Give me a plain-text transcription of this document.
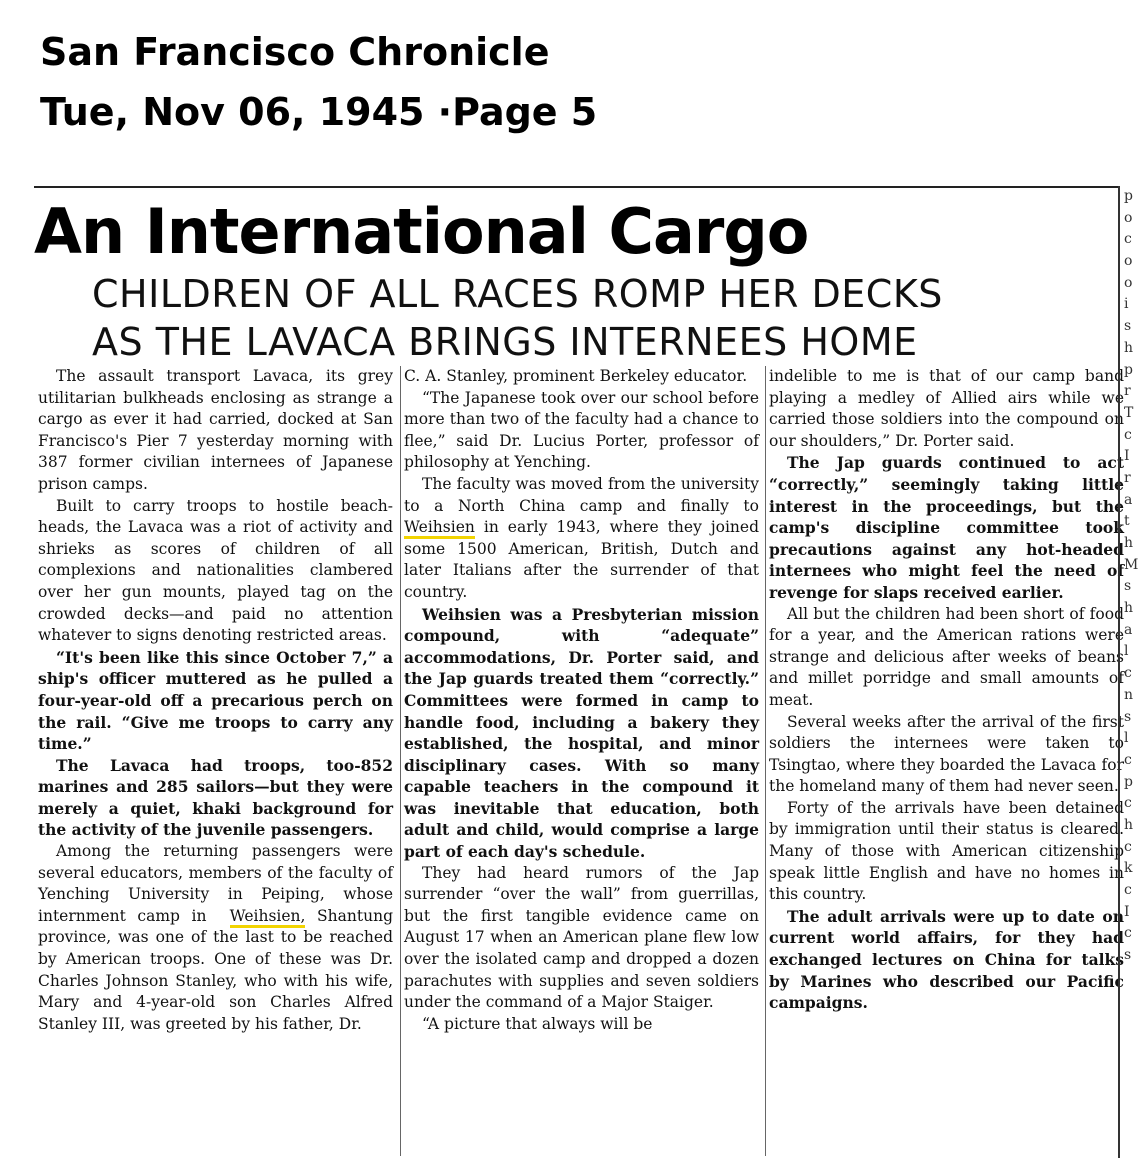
San Francisco Chronicle
Tue, Nov 06, 1945 ·Page 5
An International Cargo
CHILDREN OF ALL RACES ROMP HER DECKS
AS THE LAVACA BRINGS INTERNEES HOME

The assault transport Lavaca, its grey utilitarian bulkheads enclosing as strange a cargo as ever it had carried, docked at San Francisco's Pier 7 yesterday morning with 387 former civilian internees of Japanese prison camps.

Built to carry troops to hostile beach-heads, the Lavaca was a riot of activity and shrieks as scores of children of all complexions and nationalities clambered over her gun mounts, played tag on the crowded decks—and paid no attention whatever to signs denoting restricted areas.

“It's been like this since October 7,” a ship's officer muttered as he pulled a four-year-old off a precarious perch on the rail. “Give me troops to carry any time.”

The Lavaca had troops, too-852 marines and 285 sailors—but they were merely a quiet, khaki background for the activity of the juvenile passengers.

Among the returning passengers were several educators, members of the faculty of Yenching University in Peiping, whose internment camp in Weihsien, Shantung province, was one of the last to be reached by American troops. One of these was Dr. Charles Johnson Stanley, who with his wife, Mary and 4-year-old son Charles Alfred Stanley III, was greeted by his father, Dr.

C. A. Stanley, prominent Berkeley educator.

“The Japanese took over our school before more than two of the faculty had a chance to flee,” said Dr. Lucius Porter, professor of philosophy at Yenching.

The faculty was moved from the university to a North China camp and finally to Weihsien in early 1943, where they joined some 1500 American, British, Dutch and later Italians after the surrender of that country.

Weihsien was a Presbyterian mission compound, with “adequate” accommodations, Dr. Porter said, and the Jap guards treated them “correctly.” Committees were formed in camp to handle food, including a bakery they established, the hospital, and minor disciplinary cases. With so many capable teachers in the compound it was inevitable that education, both adult and child, would comprise a large part of each day's schedule.

They had heard rumors of the Jap surrender “over the wall” from guerrillas, but the first tangible evidence came on August 17 when an American plane flew low over the isolated camp and dropped a dozen parachutes with supplies and seven soldiers under the command of a Major Staiger.

“A picture that always will be

indelible to me is that of our camp band playing a medley of Allied airs while we carried those soldiers into the compound on our shoulders,” Dr. Porter said.

The Jap guards continued to act “correctly,” seemingly taking little interest in the proceedings, but the camp's discipline committee took precautions against any hot-headed internees who might feel the need of revenge for slaps received earlier.

All but the children had been short of food for a year, and the American rations were strange and delicious after weeks of beans and millet porridge and small amounts of meat.

Several weeks after the arrival of the first soldiers the internees were taken to Tsingtao, where they boarded the Lavaca for the homeland many of them had never seen.

Forty of the arrivals have been detained by immigration until their status is cleared. Many of those with American citizenship speak little English and have no homes in this country.

The adult arrivals were up to date on current world affairs, for they had exchanged lectures on China for talks by Marines who described our Pacific campaigns.

p
o
c
o
o
i
s
h
p
r
T
c
I
r
a
t
h
M
s
h
a
l
c
n
s
l
c
p
c
h
c
k
c
I
c
s
